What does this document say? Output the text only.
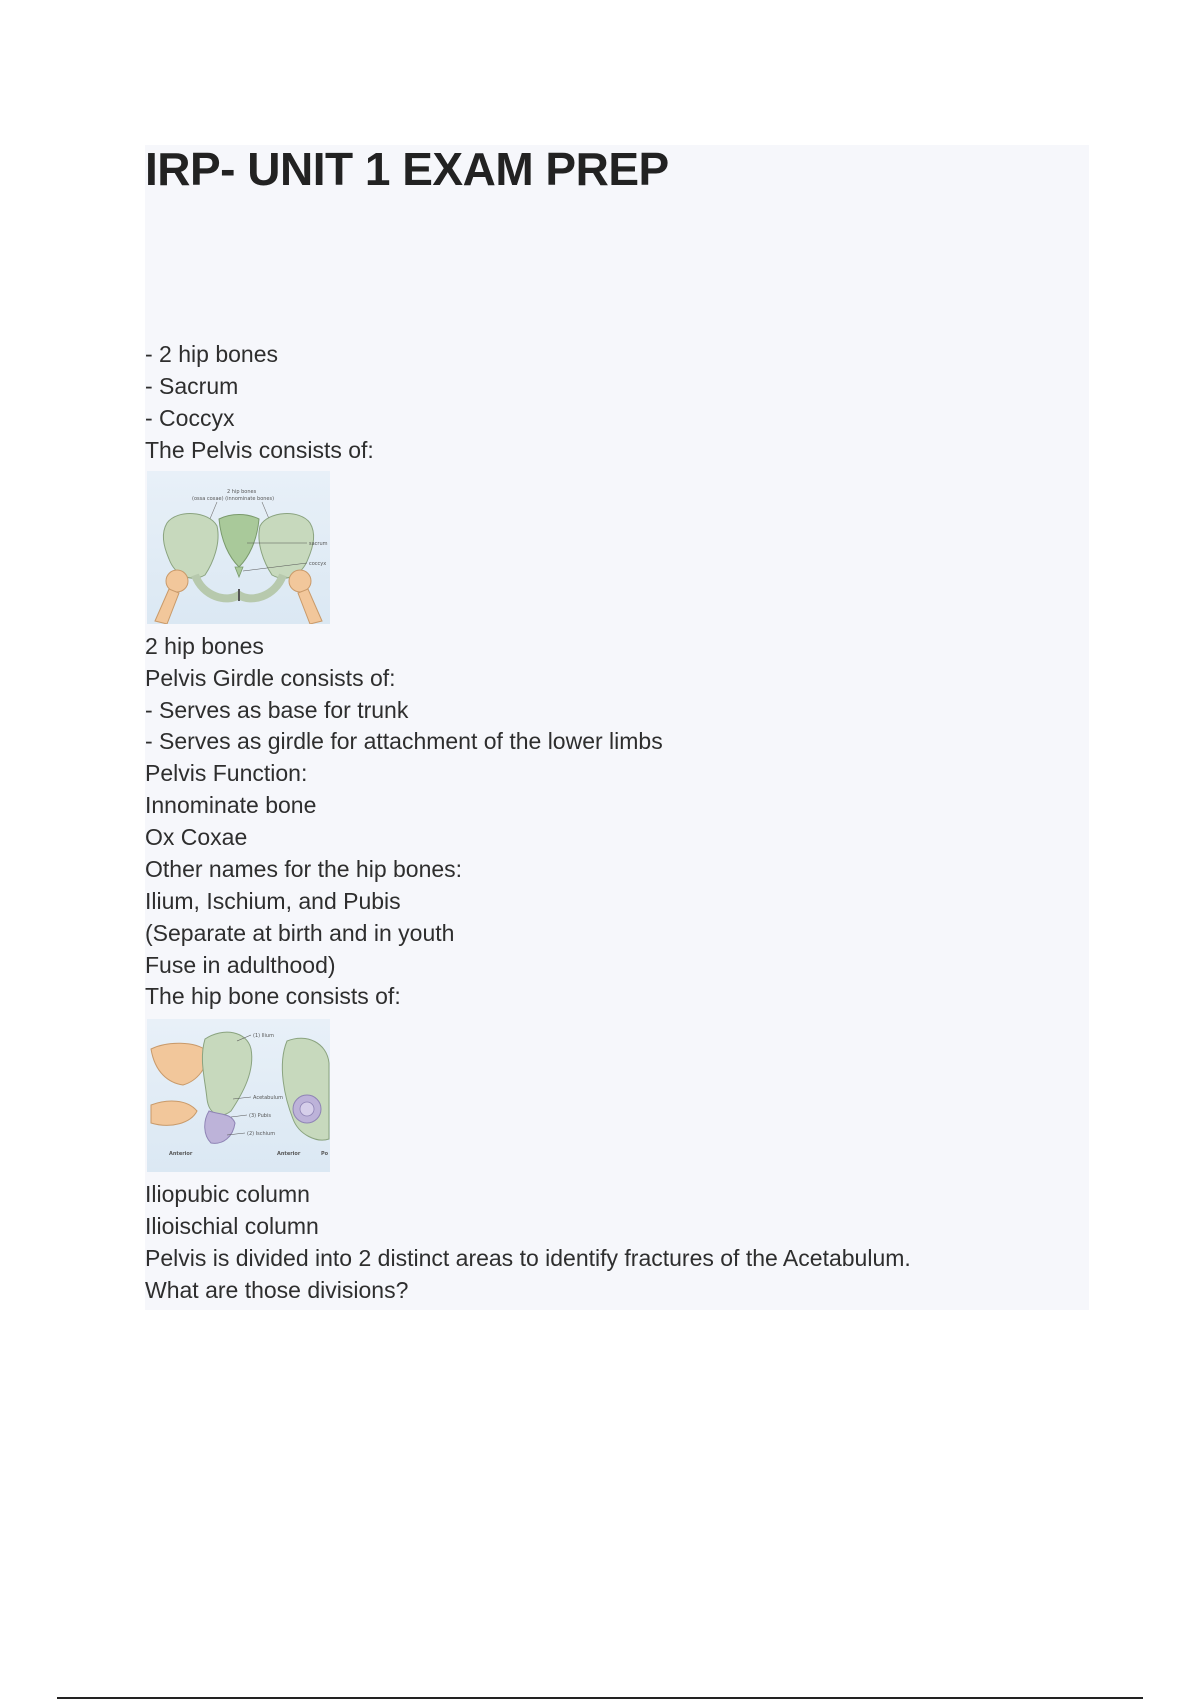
IRP- UNIT 1 EXAM PREP

- 2 hip bones

- Sacrum

- Coccyx

The Pelvis consists of:

2 hip bones
(ossa coxae) (innominate bones)
sacrum
coccyx

2 hip bones

Pelvis Girdle consists of:

- Serves as base for trunk

- Serves as girdle for attachment of the lower limbs

Pelvis Function:

Innominate bone

Ox Coxae

Other names for the hip bones:

Ilium, Ischium, and Pubis

(Separate at birth and in youth

Fuse in adulthood)

The hip bone consists of:

(1) Ilium
Acetabulum
(3) Pubis
(2) Ischium
Anterior	Anterior	Po

Iliopubic column

Ilioischial column

Pelvis is divided into 2 distinct areas to identify fractures of the Acetabulum.

What are those divisions?
